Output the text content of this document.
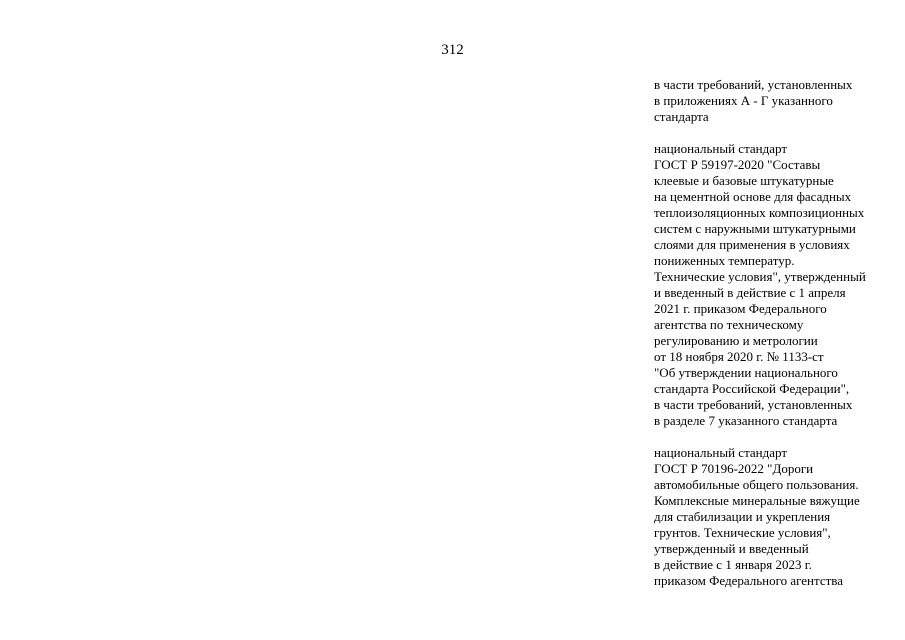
312
в части требований, установленных
в приложениях А - Г указанного
стандарта
национальный стандарт
ГОСТ Р 59197-2020 "Составы
клеевые и базовые штукатурные
на цементной основе для фасадных
теплоизоляционных композиционных
систем с наружными штукатурными
слоями для применения в условиях
пониженных температур.
Технические условия", утвержденный
и введенный в действие с 1 апреля
2021 г. приказом Федерального
агентства по техническому
регулированию и метрологии
от 18 ноября 2020 г. № 1133-ст
"Об утверждении национального
стандарта Российской Федерации",
в части требований, установленных
в разделе 7 указанного стандарта
национальный стандарт
ГОСТ Р 70196-2022 "Дороги
автомобильные общего пользования.
Комплексные минеральные вяжущие
для стабилизации и укрепления
грунтов. Технические условия",
утвержденный и введенный
в действие с 1 января 2023 г.
приказом Федерального агентства
